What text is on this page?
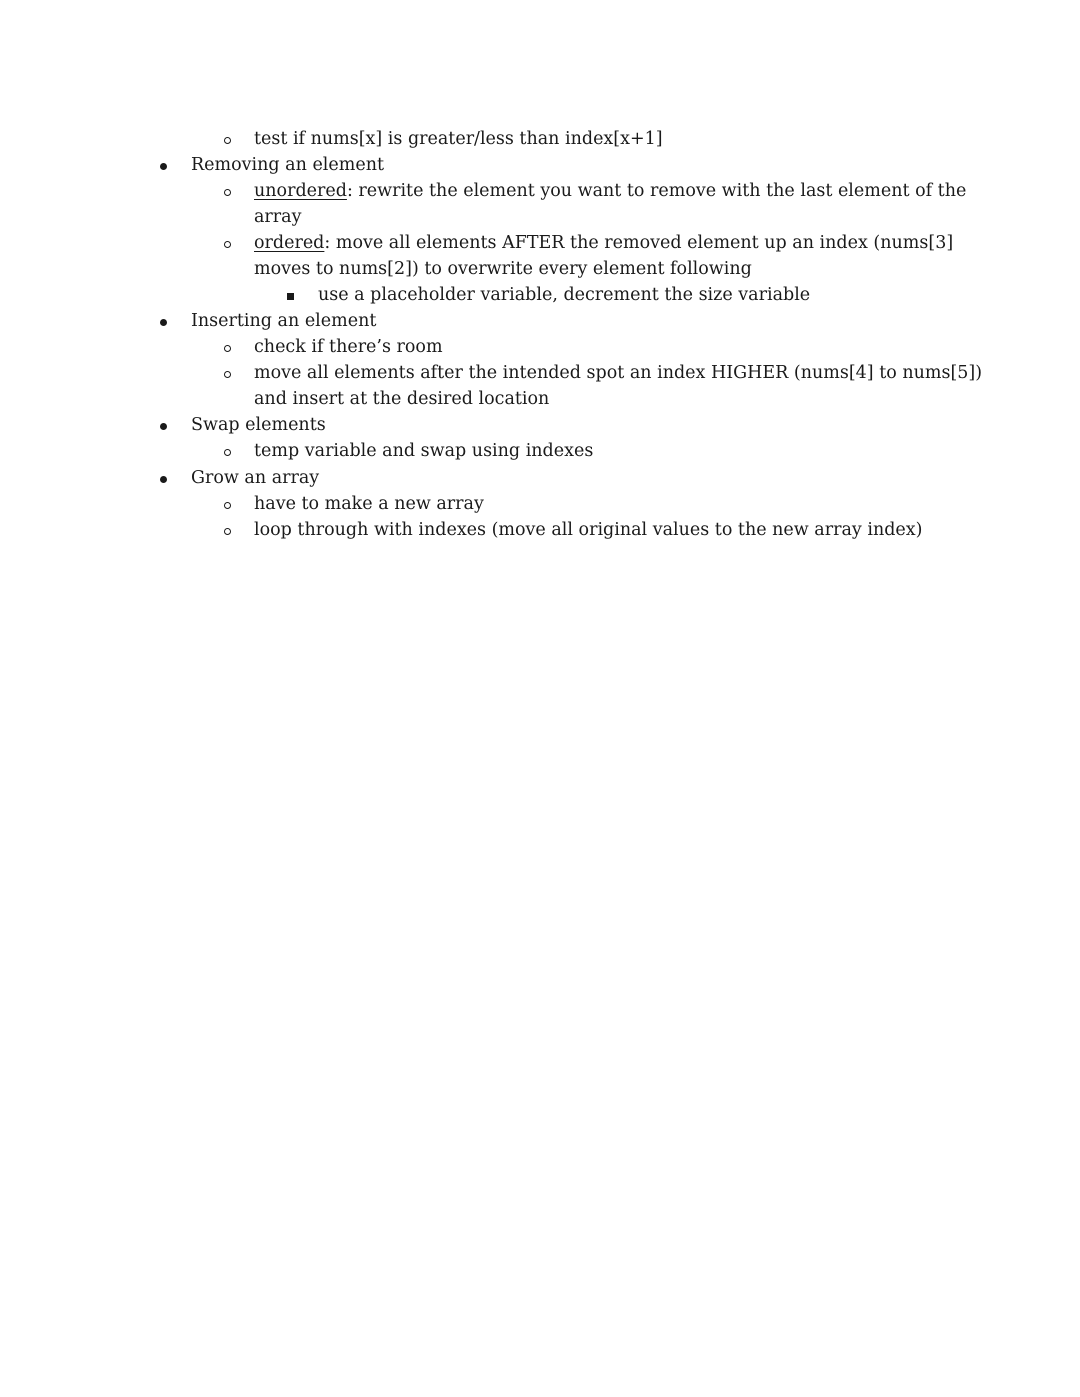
test if nums[x] is greater/less than index[x+1]
Removing an element
unordered: rewrite the element you want to remove with the last element of the
array
ordered: move all elements AFTER the removed element up an index (nums[3]
moves to nums[2]) to overwrite every element following
use a placeholder variable, decrement the size variable
Inserting an element
check if there’s room
move all elements after the intended spot an index HIGHER (nums[4] to nums[5])
and insert at the desired location
Swap elements
temp variable and swap using indexes
Grow an array
have to make a new array
loop through with indexes (move all original values to the new array index)
